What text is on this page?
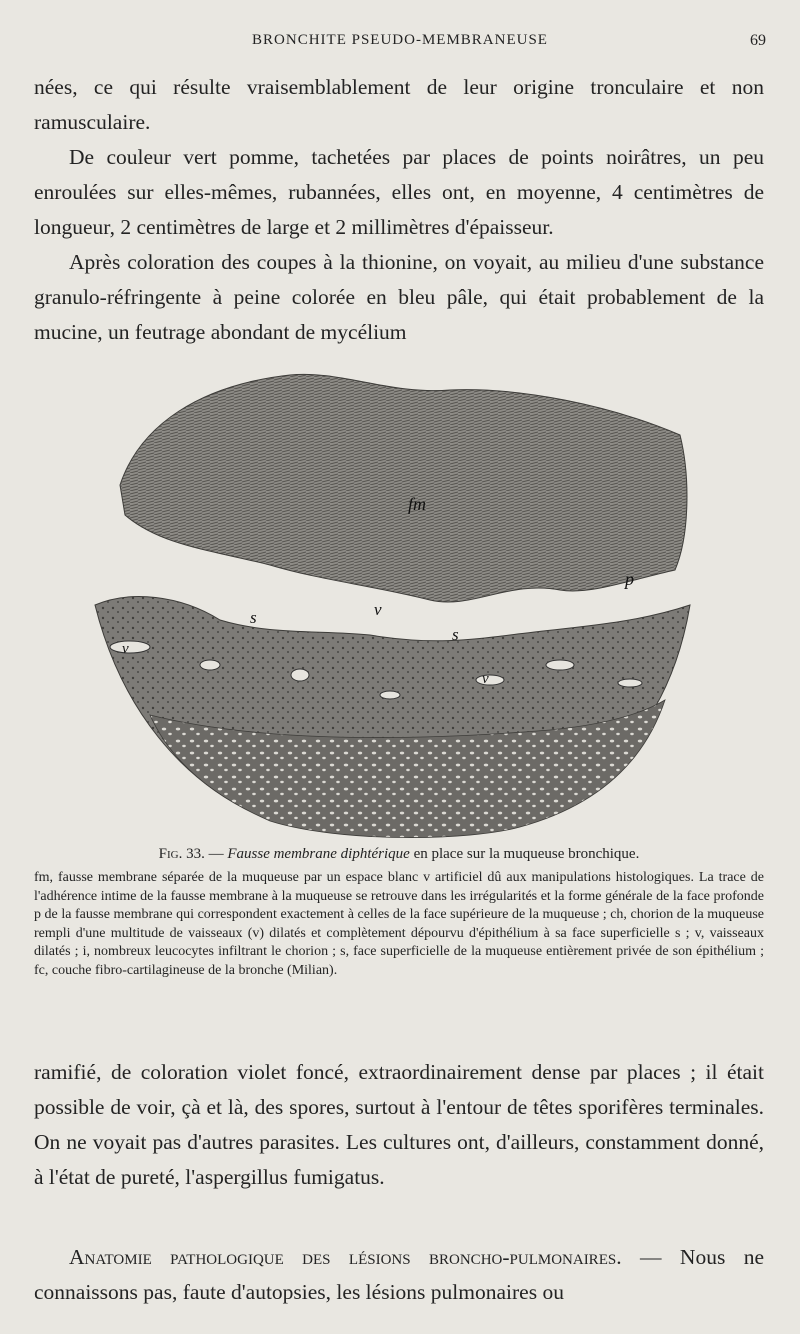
BRONCHITE PSEUDO-MEMBRANEUSE	69

nées, ce qui résulte vraisemblablement de leur origine tronculaire et non ramusculaire.

De couleur vert pomme, tachetées par places de points noirâtres, un peu enroulées sur elles-mêmes, rubannées, elles ont, en moyenne, 4 centimètres de longueur, 2 centimètres de large et 2 millimètres d'épaisseur.

Après coloration des coupes à la thionine, on voyait, au milieu d'une substance granulo-réfringente à peine colorée en bleu pâle, qui était probablement de la mucine, un feutrage abondant de mycélium

fm
p
s
s
v
v
v

Fig. 33. — Fausse membrane diphtérique en place sur la muqueuse bronchique.

fm, fausse membrane séparée de la muqueuse par un espace blanc v artificiel dû aux manipulations histologiques. La trace de l'adhérence intime de la fausse membrane à la muqueuse se retrouve dans les irrégularités et la forme générale de la face profonde p de la fausse membrane qui correspondent exactement à celles de la face supérieure de la muqueuse ; ch, chorion de la muqueuse rempli d'une multitude de vaisseaux (v) dilatés et complètement dépourvu d'épithélium à sa face superficielle s ; v, vaisseaux dilatés ; i, nombreux leucocytes infiltrant le chorion ; s, face superficielle de la muqueuse entièrement privée de son épithélium ; fc, couche fibro-cartilagineuse de la bronche (Milian).

ramifié, de coloration violet foncé, extraordinairement dense par places ; il était possible de voir, çà et là, des spores, surtout à l'entour de têtes sporifères terminales. On ne voyait pas d'autres parasites. Les cultures ont, d'ailleurs, constamment donné, à l'état de pureté, l'aspergillus fumigatus.

Anatomie pathologique des lésions broncho-pulmonaires. — Nous ne connaissons pas, faute d'autopsies, les lésions pulmonaires ou
